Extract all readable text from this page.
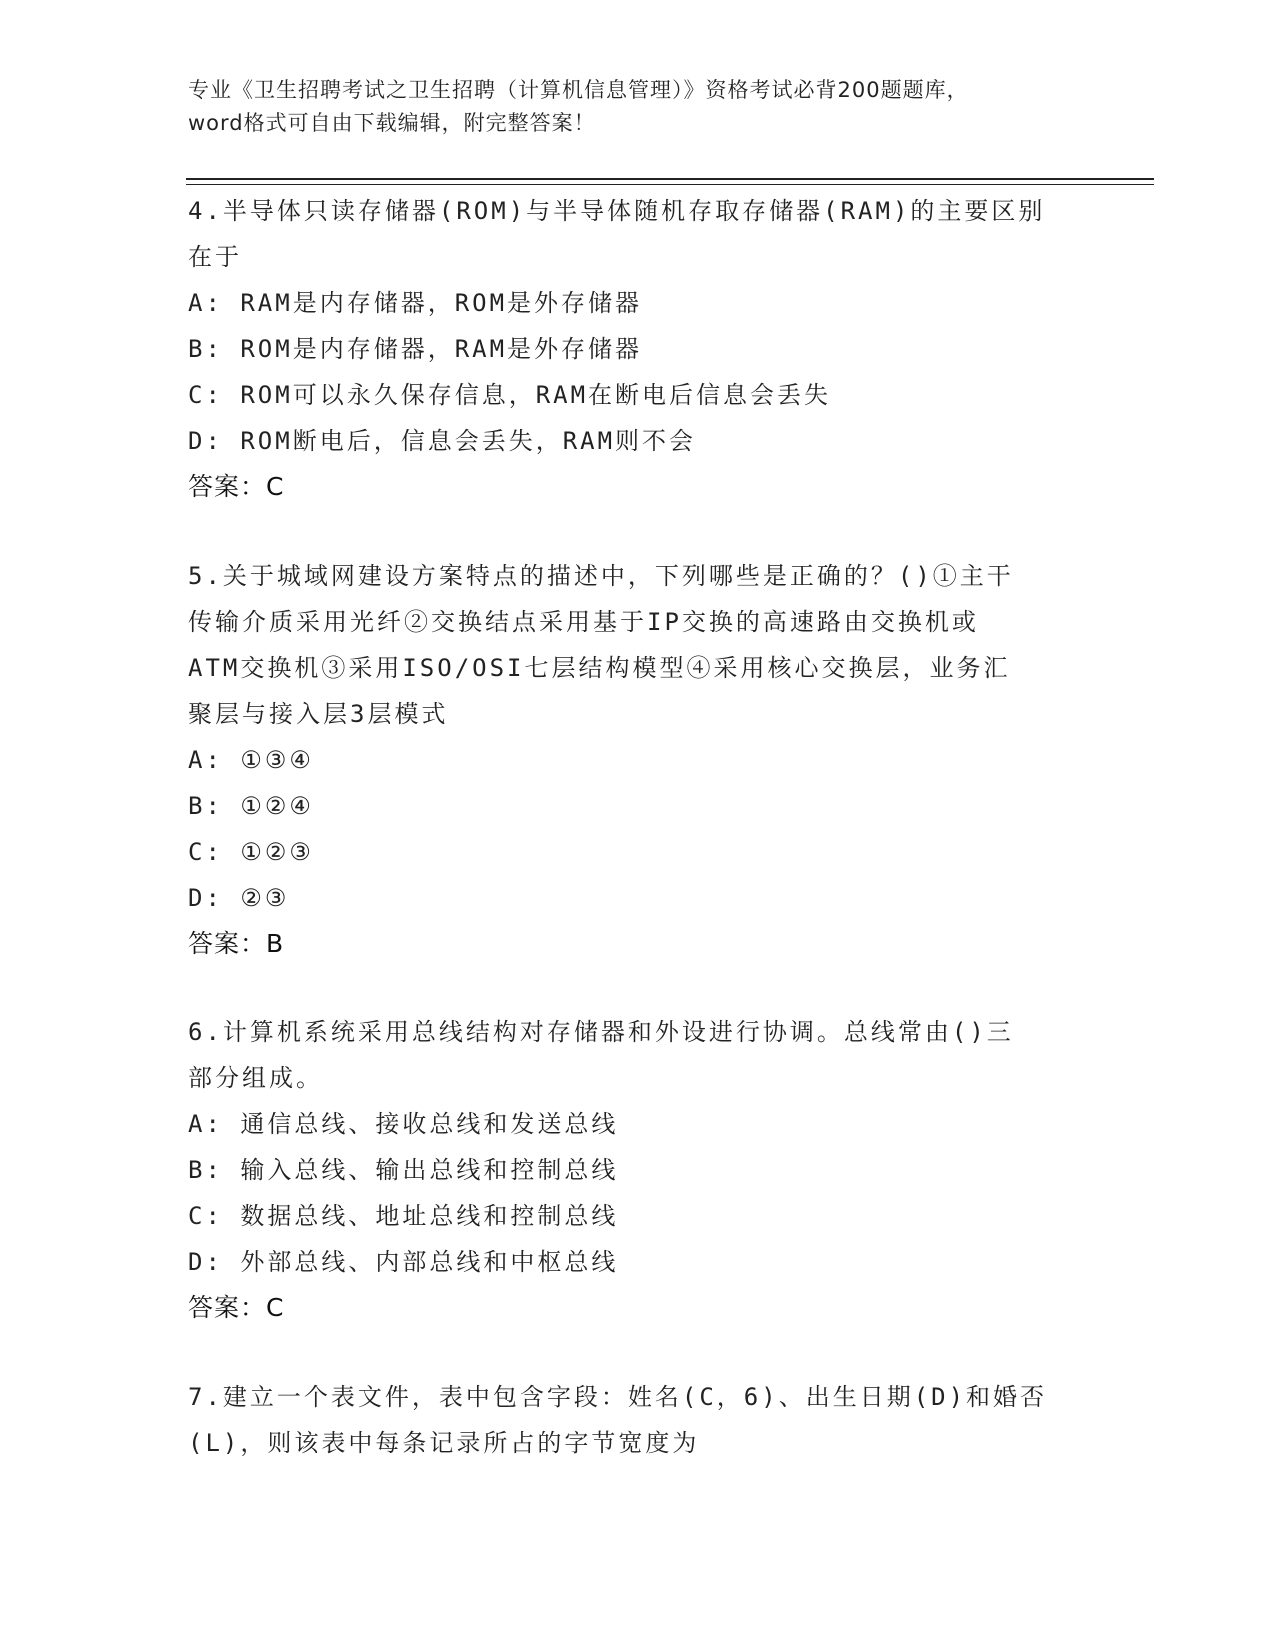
专业《卫生招聘考试之卫生招聘（计算机信息管理）》资格考试必背200题题库，
word格式可自由下载编辑，附完整答案！

4.半导体只读存储器(ROM)与半导体随机存取存储器(RAM)的主要区别

在于

A: RAM是内存储器，ROM是外存储器

B: ROM是内存储器，RAM是外存储器

C: ROM可以永久保存信息，RAM在断电后信息会丢失

D: ROM断电后，信息会丢失，RAM则不会

答案：C

5.关于城域网建设方案特点的描述中，下列哪些是正确的？()①主干

传输介质采用光纤②交换结点采用基于IP交换的高速路由交换机或

ATM交换机③采用ISO/OSI七层结构模型④采用核心交换层，业务汇

聚层与接入层3层模式

A: ①③④

B: ①②④

C: ①②③

D: ②③

答案：B

6.计算机系统采用总线结构对存储器和外设进行协调。总线常由()三

部分组成。

A: 通信总线、接收总线和发送总线

B: 输入总线、输出总线和控制总线

C: 数据总线、地址总线和控制总线

D: 外部总线、内部总线和中枢总线

答案：C

7.建立一个表文件，表中包含字段：姓名(C，6)、出生日期(D)和婚否

(L)，则该表中每条记录所占的字节宽度为
